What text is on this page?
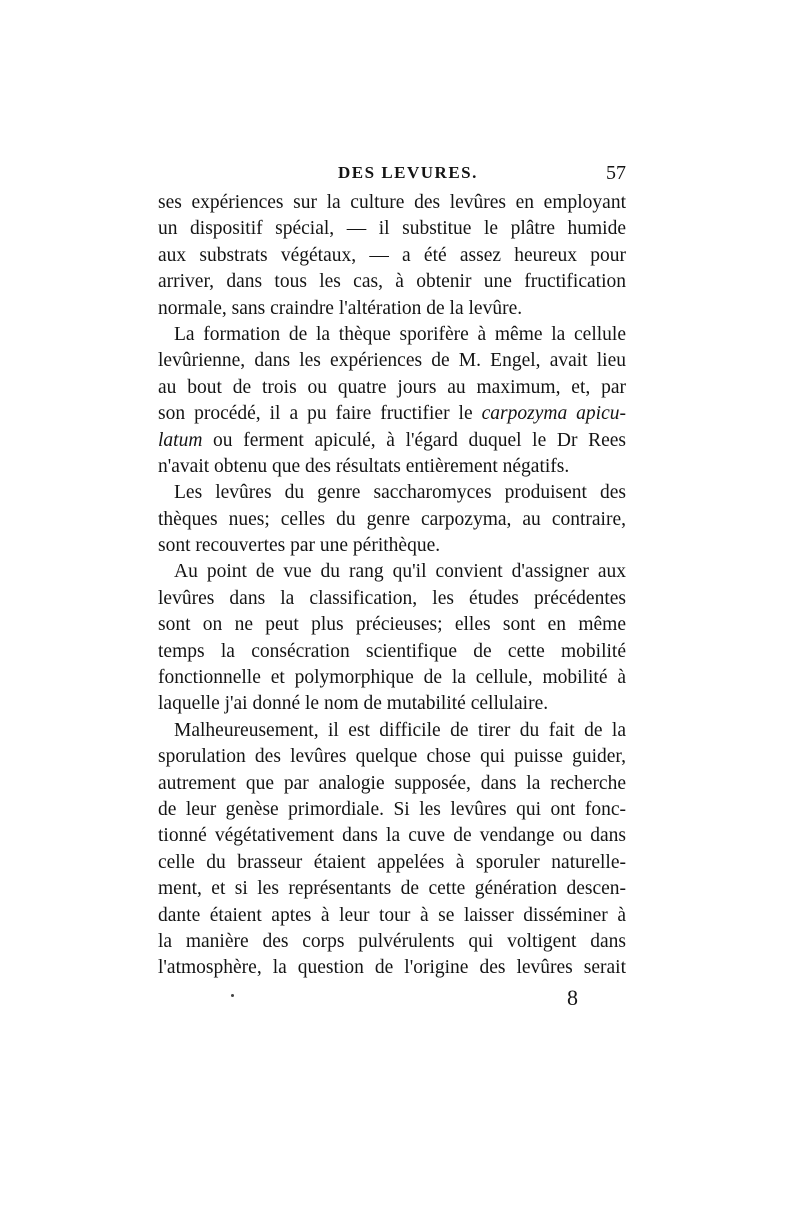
DES LEVURES.	57
ses expériences sur la culture des levûres en employant
un dispositif spécial, — il substitue le plâtre humide
aux substrats végétaux, — a été assez heureux pour
arriver, dans tous les cas, à obtenir une fructification
normale, sans craindre l'altération de la levûre.
La formation de la thèque sporifère à même la cellule
levûrienne, dans les expériences de M. Engel, avait lieu
au bout de trois ou quatre jours au maximum, et, par
son procédé, il a pu faire fructifier le carpozyma apicu-
latum ou ferment apiculé, à l'égard duquel le Dr Rees
n'avait obtenu que des résultats entièrement négatifs.
Les levûres du genre saccharomyces produisent des
thèques nues; celles du genre carpozyma, au contraire,
sont recouvertes par une périthèque.
Au point de vue du rang qu'il convient d'assigner aux
levûres dans la classification, les études précédentes
sont on ne peut plus précieuses; elles sont en même
temps la consécration scientifique de cette mobilité
fonctionnelle et polymorphique de la cellule, mobilité à
laquelle j'ai donné le nom de mutabilité cellulaire.
Malheureusement, il est difficile de tirer du fait de la
sporulation des levûres quelque chose qui puisse guider,
autrement que par analogie supposée, dans la recherche
de leur genèse primordiale. Si les levûres qui ont fonc-
tionné végétativement dans la cuve de vendange ou dans
celle du brasseur étaient appelées à sporuler naturelle-
ment, et si les représentants de cette génération descen-
dante étaient aptes à leur tour à se laisser disséminer à
la manière des corps pulvérulents qui voltigent dans
l'atmosphère, la question de l'origine des levûres serait
8
